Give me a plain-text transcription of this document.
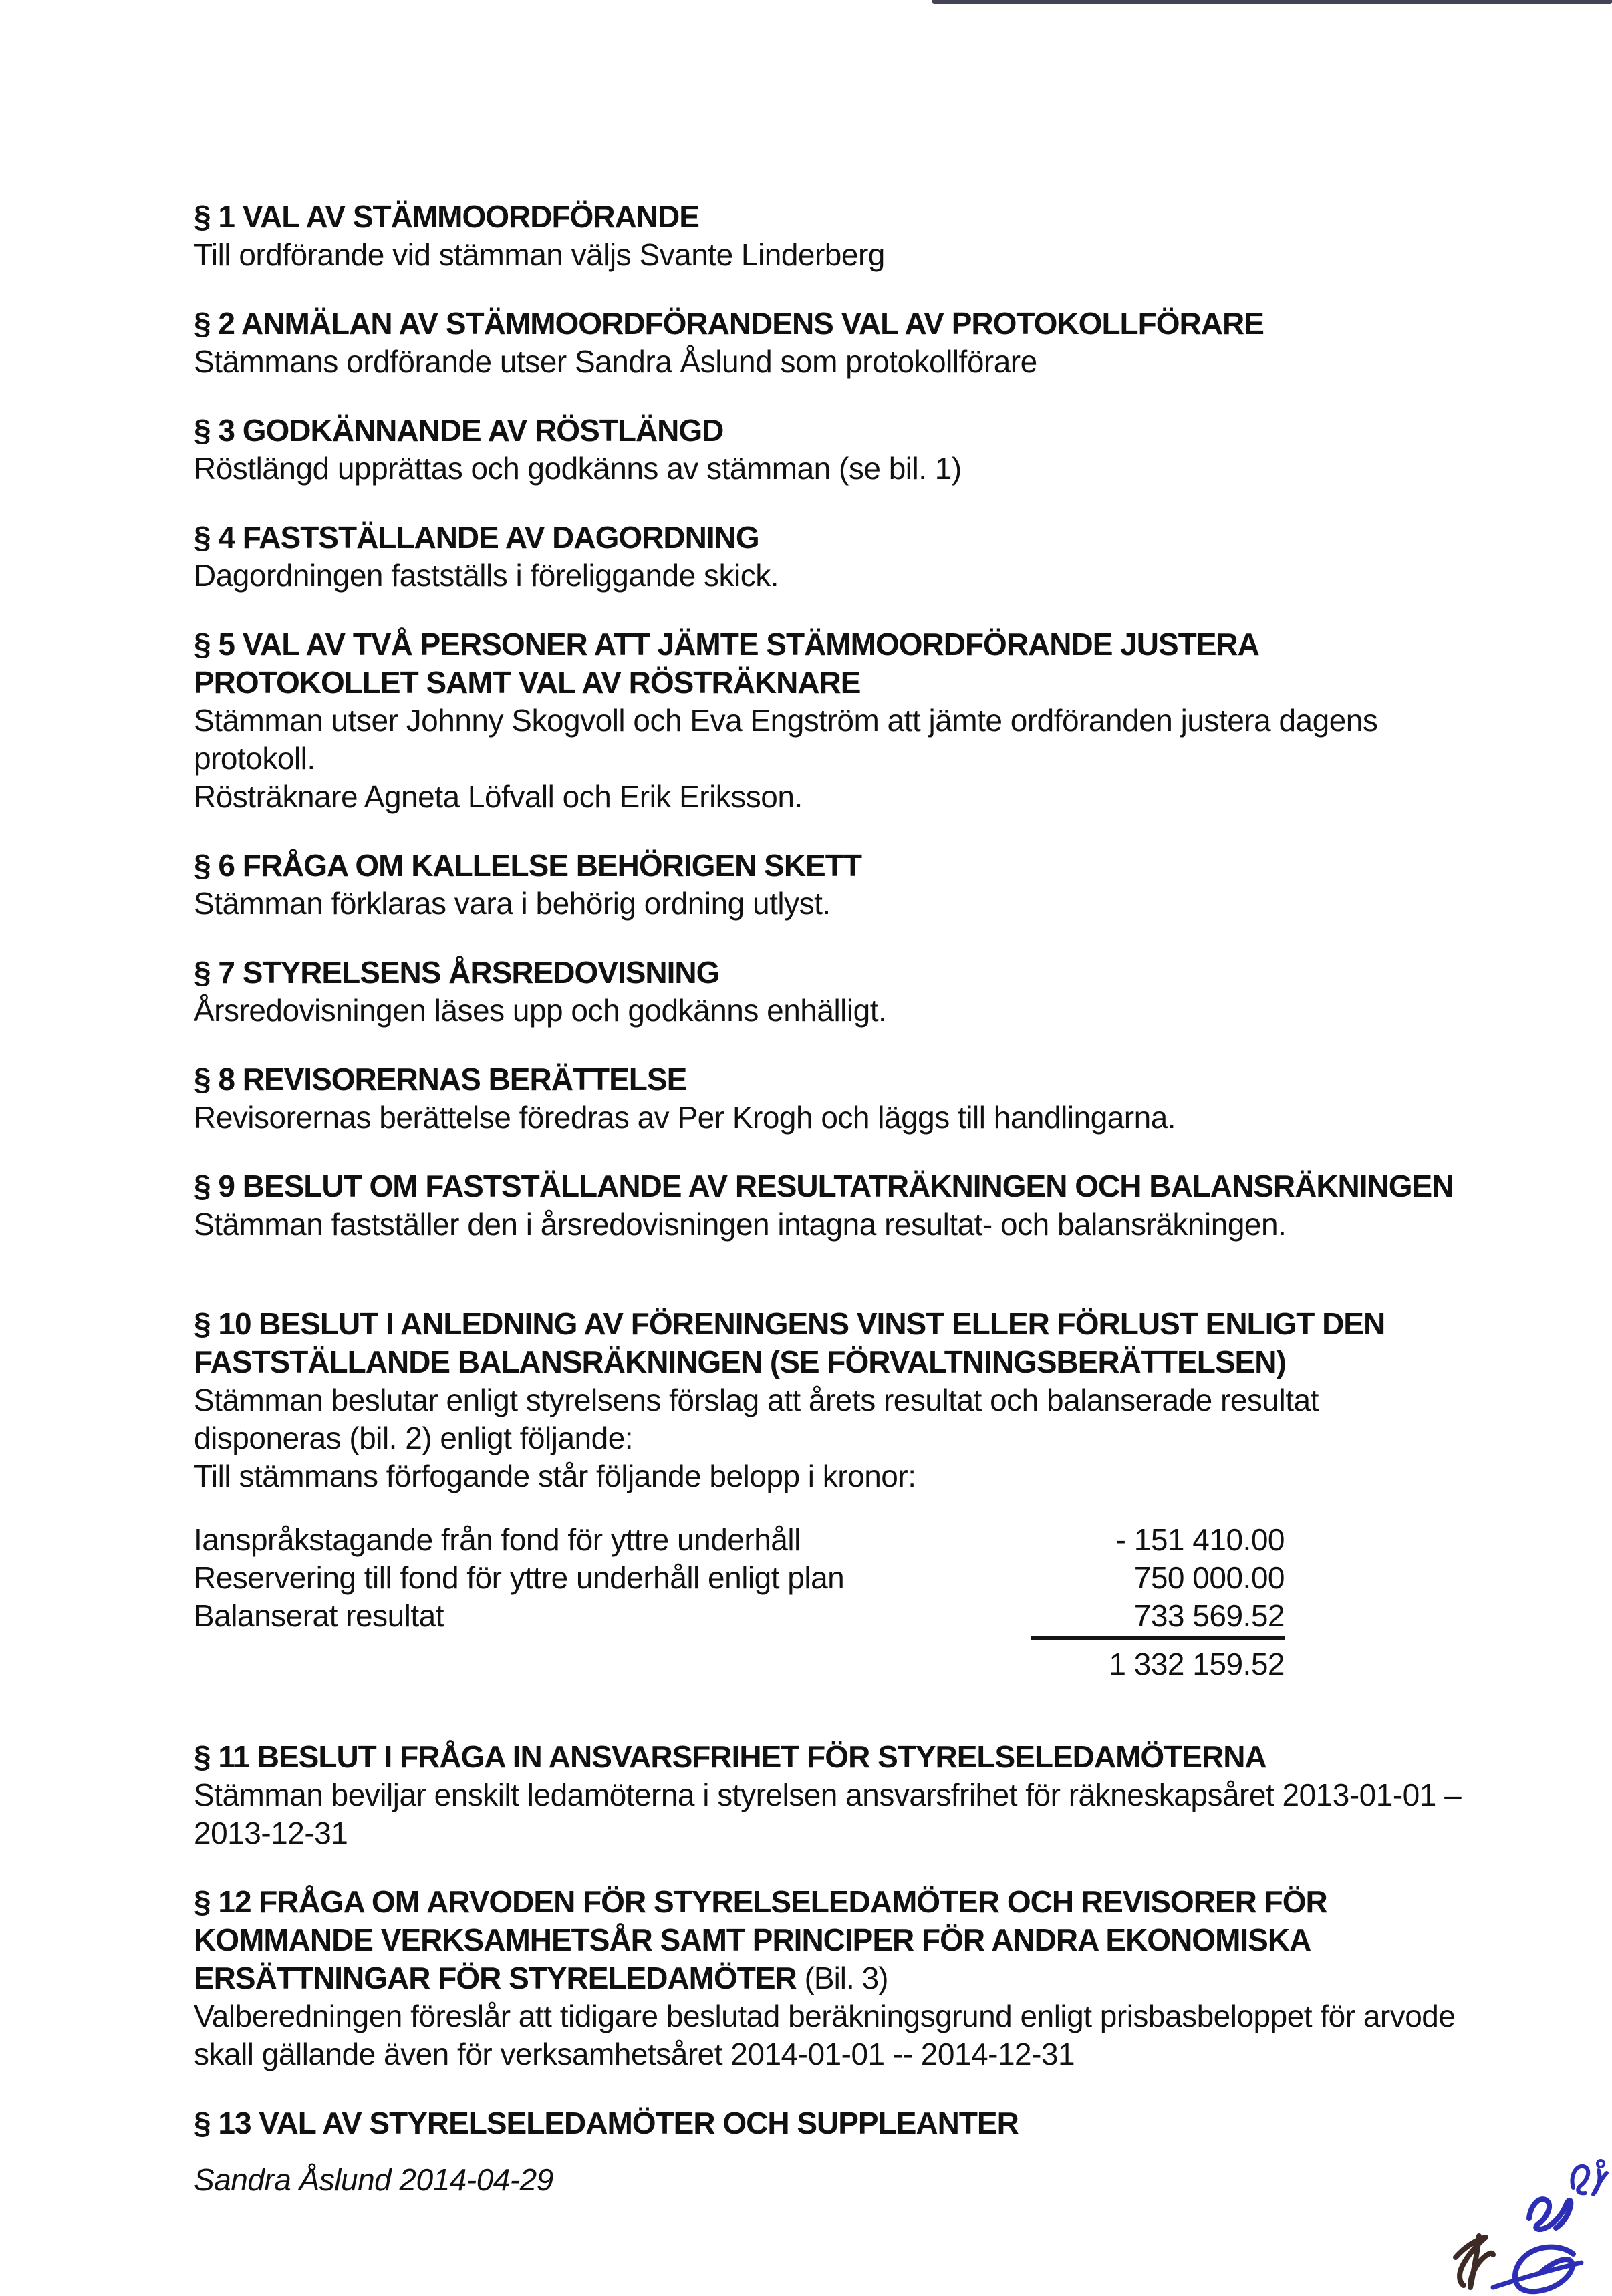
§ 1 VAL AV STÄMMOORDFÖRANDE

Till ordförande vid stämman väljs Svante Linderberg

§ 2 ANMÄLAN AV STÄMMOORDFÖRANDENS VAL AV PROTOKOLLFÖRARE

Stämmans ordförande utser Sandra Åslund som protokollförare

§ 3 GODKÄNNANDE AV RÖSTLÄNGD

Röstlängd upprättas och godkänns av stämman (se bil. 1)

§ 4 FASTSTÄLLANDE AV DAGORDNING

Dagordningen fastställs i föreliggande skick.

§ 5 VAL AV TVÅ PERSONER ATT JÄMTE STÄMMOORDFÖRANDE JUSTERA PROTOKOLLET SAMT VAL AV RÖSTRÄKNARE

Stämman utser Johnny Skogvoll och Eva Engström att jämte ordföranden justera dagens protokoll.

Rösträknare Agneta Löfvall och Erik Eriksson.

§ 6 FRÅGA OM KALLELSE BEHÖRIGEN SKETT

Stämman förklaras vara i behörig ordning utlyst.

§ 7 STYRELSENS ÅRSREDOVISNING

Årsredovisningen läses upp och godkänns enhälligt.

§ 8 REVISORERNAS BERÄTTELSE

Revisorernas berättelse föredras av Per Krogh och läggs till handlingarna.

§ 9 BESLUT OM FASTSTÄLLANDE AV RESULTATRÄKNINGEN OCH BALANSRÄKNINGEN

Stämman fastställer den i årsredovisningen intagna resultat- och balansräkningen.

§ 10 BESLUT I ANLEDNING AV FÖRENINGENS VINST ELLER FÖRLUST ENLIGT DEN FASTSTÄLLANDE BALANSRÄKNINGEN (SE FÖRVALTNINGSBERÄTTELSEN)

Stämman beslutar enligt styrelsens förslag att årets resultat och balanserade resultat disponeras (bil. 2) enligt följande:

Till stämmans förfogande står följande belopp i kronor:

Ianspråkstagande från fond för yttre underhåll	- 151 410.00
Reservering till fond för yttre underhåll enligt plan	750 000.00
Balanserat resultat	733 569.52
1 332 159.52
§ 11 BESLUT I FRÅGA IN ANSVARSFRIHET FÖR STYRELSELEDAMÖTERNA

Stämman beviljar enskilt ledamöterna i styrelsen ansvarsfrihet för räkneskapsåret 2013-01-01 – 2013-12-31

§ 12 FRÅGA OM ARVODEN FÖR STYRELSELEDAMÖTER OCH REVISORER FÖR KOMMANDE VERKSAMHETSÅR SAMT PRINCIPER FÖR ANDRA EKONOMISKA ERSÄTTNINGAR FÖR STYRELEDAMÖTER (Bil. 3)

Valberedningen föreslår att tidigare beslutad beräkningsgrund enligt prisbasbeloppet för arvode skall gällande även för verksamhetsåret 2014-01-01 -- 2014-12-31

§ 13 VAL AV STYRELSELEDAMÖTER OCH SUPPLEANTER
Sandra Åslund 2014-04-29
